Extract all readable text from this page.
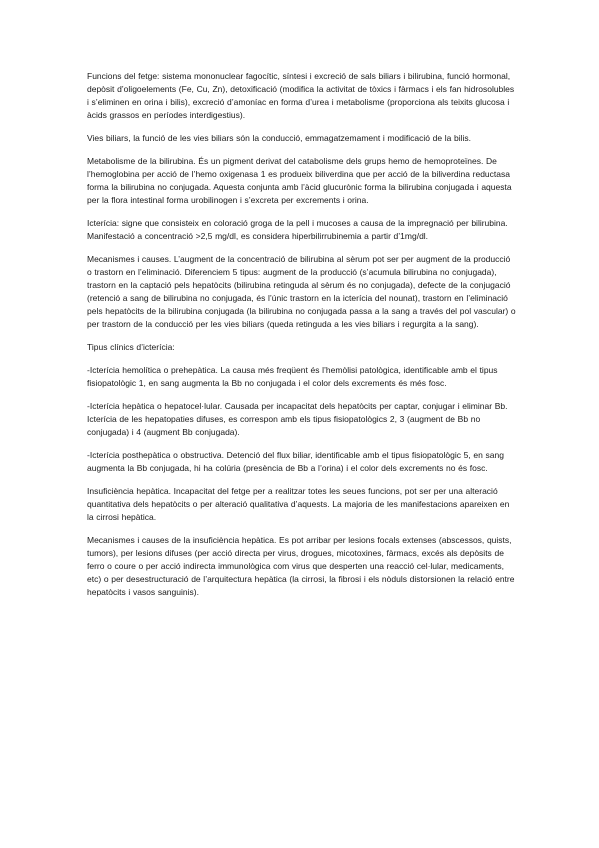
Funcions del fetge: sistema mononuclear fagocític, síntesi i excreció de sals biliars i bilirubina, funció hormonal, depòsit d’oligoelements (Fe, Cu, Zn), detoxificació (modifica la activitat de tòxics i fàrmacs i els fan hidrosolubles i s’eliminen en orina i bilis), excreció d’amoníac en forma d’urea i metabolisme (proporciona als teixits glucosa i àcids grassos en períodes interdigestius).

Vies biliars, la funció de les vies biliars són la conducció, emmagatzemament i modificació de la bilis.

Metabolisme de la bilirubina. És un pigment derivat del catabolisme dels grups hemo de hemoproteïnes. De l’hemoglobina per acció de l’hemo oxigenasa 1 es produeix biliverdina que per acció de la biliverdina reductasa forma la bilirubina no conjugada. Aquesta conjunta amb l’àcid glucurònic forma la bilirubina conjugada i aquesta per la flora intestinal forma urobilinogen i s’excreta per excrements i orina.

Icterícia: signe que consisteix en coloració groga de la pell i mucoses a causa de la impregnació per bilirubina. Manifestació a concentració >2,5 mg/dl, es considera hiperbilirrubinemia a partir d’1mg/dl.

Mecanismes i causes. L’augment de la concentració de bilirubina al sèrum pot ser per augment de la producció o trastorn en l’eliminació. Diferenciem 5 tipus: augment de la producció (s’acumula bilirubina no conjugada), trastorn en la captació pels hepatòcits (bilirubina retinguda al sèrum és no conjugada), defecte de la conjugació (retenció a sang de bilirubina no conjugada, és l’únic trastorn en la icterícia del nounat), trastorn en l’eliminació pels hepatòcits de la bilirubina conjugada (la bilirubina no conjugada passa a la sang a través del pol vascular) o per trastorn de la conducció per les vies biliars (queda retinguda a les vies biliars i regurgita a la sang).

Tipus clínics d’icterícia:

-Icterícia hemolítica o prehepàtica. La causa més freqüent és l’hemòlisi patològica, identificable amb el tipus fisiopatològic 1, en sang augmenta la Bb no conjugada i el color dels excrements és més fosc.

-Icterícia hepàtica o hepatocel·lular. Causada per incapacitat dels hepatòcits per captar, conjugar i eliminar Bb. Icterícia de les hepatopaties difuses, es correspon amb els tipus fisiopatològics 2, 3 (augment de Bb no conjugada) i 4 (augment Bb conjugada).

-Icterícia posthepàtica o obstructiva. Detenció del flux biliar, identificable amb el tipus fisiopatològic 5, en sang augmenta la Bb conjugada, hi ha colúria (presència de Bb a l’orina) i el color dels excrements no és fosc.

Insuficiència hepàtica. Incapacitat del fetge per a realitzar totes les seues funcions, pot ser per una alteració quantitativa dels hepatòcits o per alteració qualitativa d’aquests. La majoria de les manifestacions apareixen en la cirrosi hepàtica.

Mecanismes i causes de la insuficiència hepàtica. Es pot arribar per lesions focals extenses (abscessos, quists, tumors), per lesions difuses (per acció directa per virus, drogues, micotoxines, fàrmacs, excés als depòsits de ferro o coure o per acció indirecta immunològica com virus que desperten una reacció cel·lular, medicaments, etc) o per desestructuració de l’arquitectura hepàtica (la cirrosi, la fibrosi i els nòduls distorsionen la relació entre hepatòcits i vasos sanguinis).
